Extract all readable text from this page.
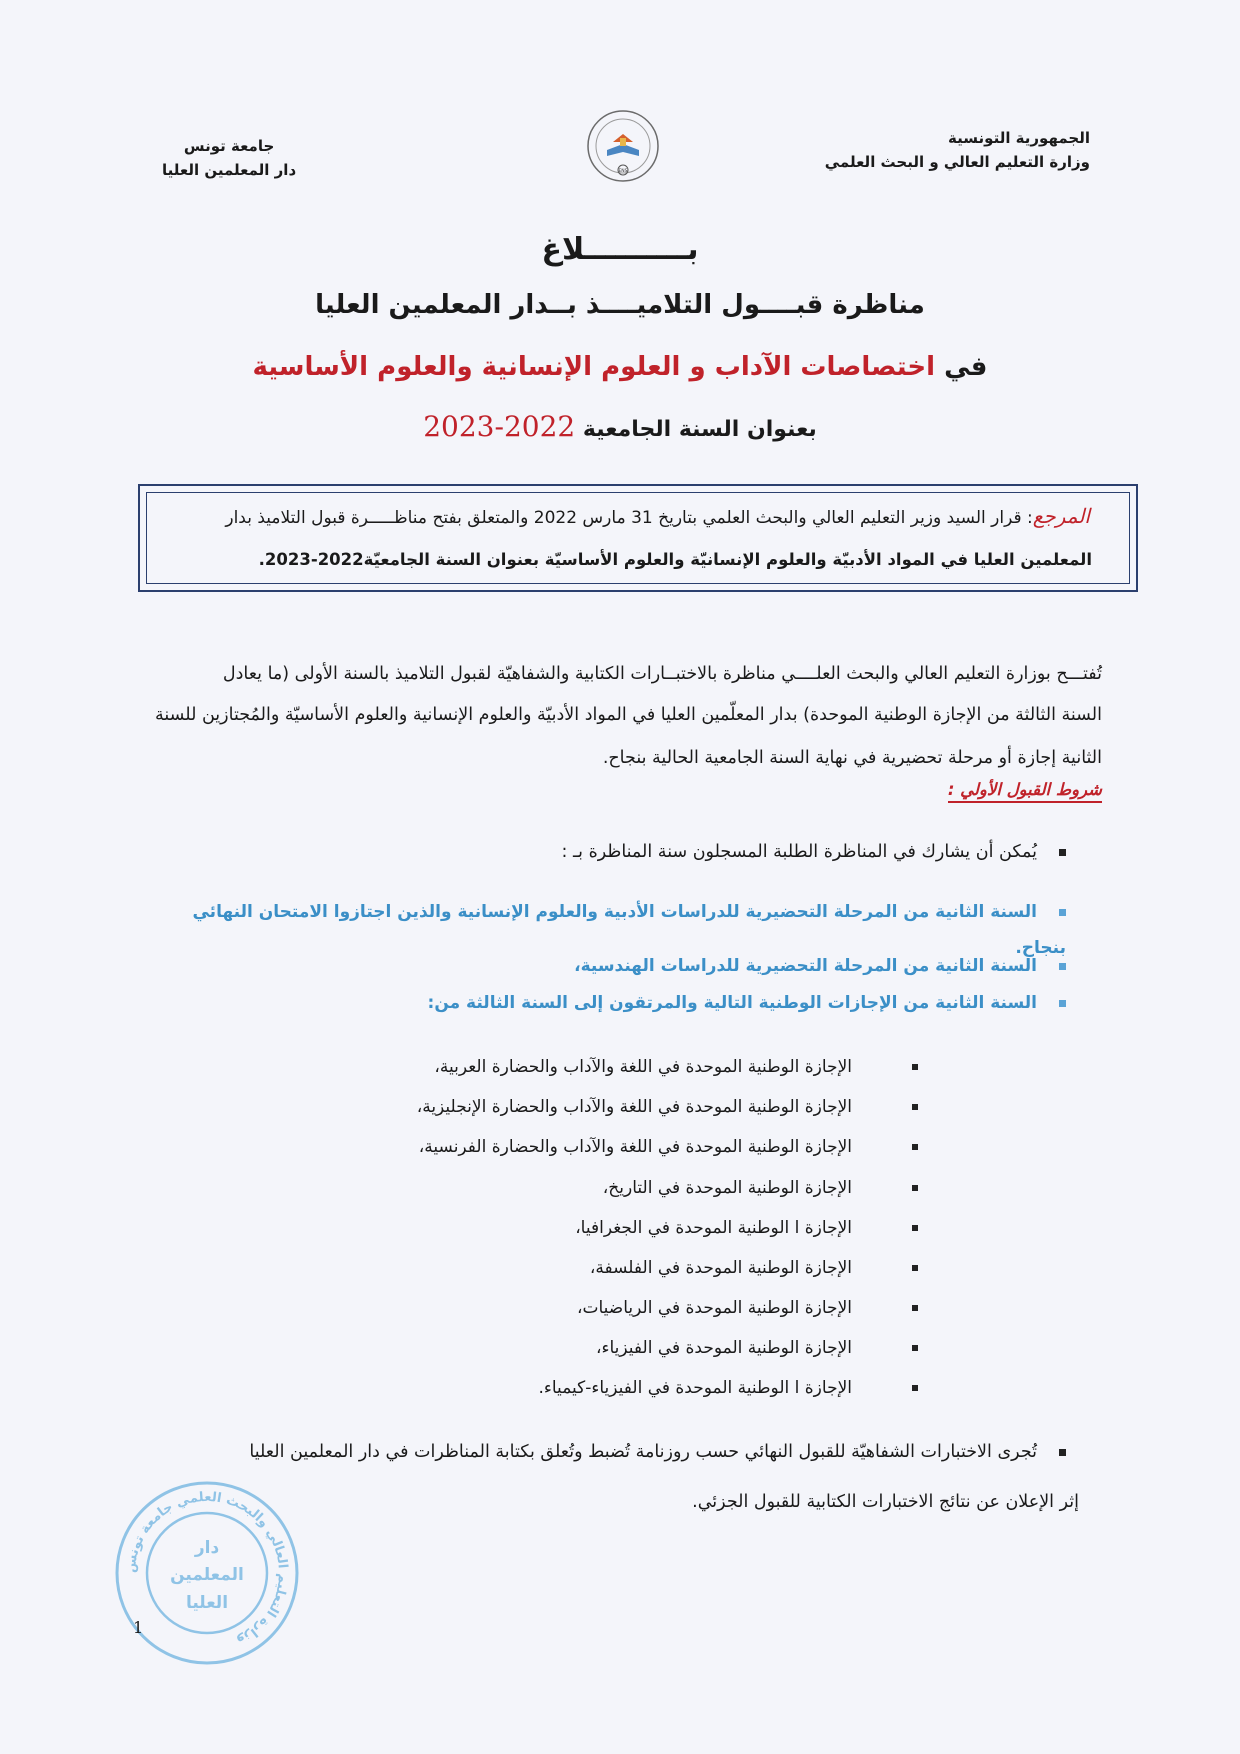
الجمهورية التونسية
وزارة التعليم العالي و البحث العلمي
ENS
جامعة تونس
دار المعلمين العليا
بــــــــــلاغ
مناظرة قبــــول التلاميــــذ بــدار المعلمين العليا
في اختصاصات الآداب و العلوم الإنسانية والعلوم الأساسية
بعنوان السنة الجامعية 2022-2023
المرجع: قرار السيد وزير التعليم العالي والبحث العلمي بتاريخ 31 مارس 2022 والمتعلق بفتح مناظـــــرة قبول التلاميذ بدار
المعلمين العليا في المواد الأدبيّة والعلوم الإنسانيّة والعلوم الأساسيّة بعنوان السنة الجامعيّة2022-2023.
تُفتـــح بوزارة التعليم العالي والبحث العلــــي مناظرة بالاختبــارات الكتابية والشفاهيّة لقبول التلاميذ بالسنة الأولى (ما يعادل
السنة الثالثة من الإجازة الوطنية الموحدة) بدار المعلّمين العليا في المواد الأدبيّة والعلوم الإنسانية والعلوم الأساسيّة والمُجتازين للسنة
الثانية إجازة أو مرحلة تحضيرية في نهاية السنة الجامعية الحالية بنجاح.
شروط القبول الأولي :
يُمكن أن يشارك في المناظرة الطلبة المسجلون سنة المناظرة بـ :
السنة الثانية من المرحلة التحضيرية للدراسات الأدبية والعلوم الإنسانية والذين اجتازوا الامتحان النهائي بنجاح.
السنة الثانية من المرحلة التحضيرية للدراسات الهندسية،
السنة الثانية من الإجازات الوطنية التالية والمرتقون إلى السنة الثالثة من:
الإجازة الوطنية الموحدة في اللغة والآداب والحضارة العربية،
الإجازة الوطنية الموحدة في اللغة والآداب والحضارة الإنجليزية،
الإجازة الوطنية الموحدة في اللغة والآداب والحضارة الفرنسية،
الإجازة الوطنية الموحدة في التاريخ،
الإجازة ا الوطنية الموحدة في الجغرافيا،
الإجازة الوطنية الموحدة في الفلسفة،
الإجازة الوطنية الموحدة في الرياضيات،
الإجازة الوطنية الموحدة في الفيزياء،
الإجازة ا الوطنية الموحدة في الفيزياء-كيمياء.
تُجرى الاختبارات الشفاهيّة للقبول النهائي حسب روزنامة تُضبط وتُعلق بكتابة المناظرات في دار المعلمين العليا
إثر الإعلان عن نتائج الاختبارات الكتابية للقبول الجزئي.
وزارة التعليم العالي والبحث العلمي جامعة تونس
دار
المعلمين
العليا
1
